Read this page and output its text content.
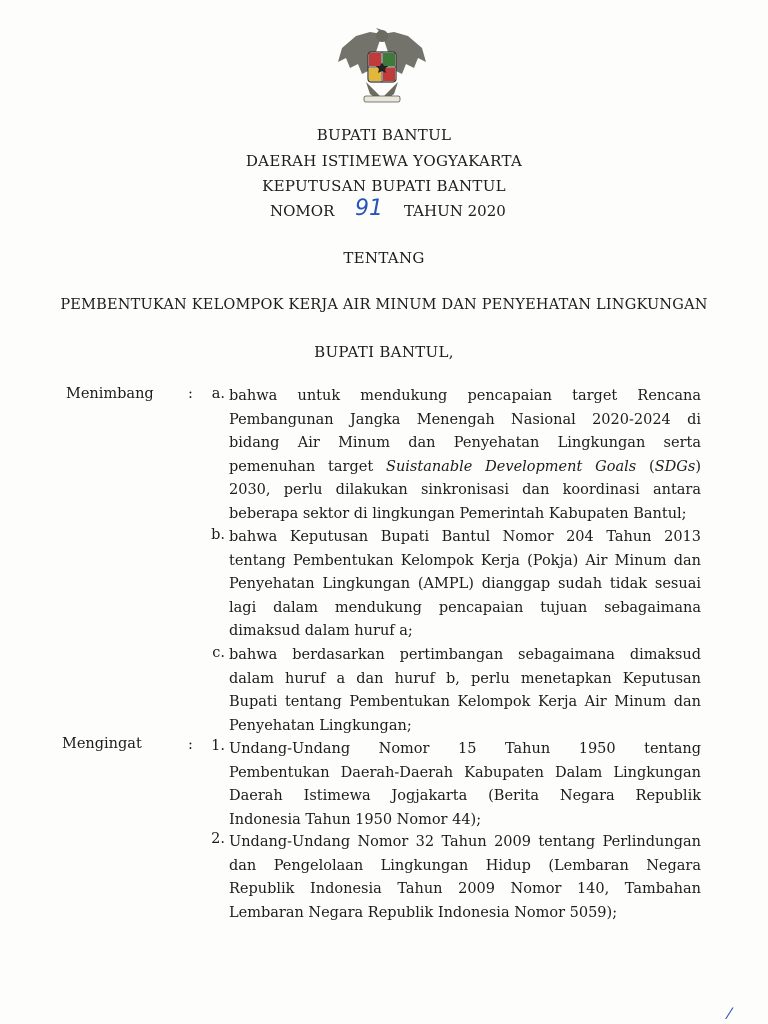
BUPATI BANTUL
DAERAH ISTIMEWA YOGYAKARTA
KEPUTUSAN BUPATI BANTUL
NOMOR 91 TAHUN 2020
TENTANG
PEMBENTUKAN KELOMPOK KERJA AIR MINUM DAN PENYEHATAN LINGKUNGAN
BUPATI BANTUL,
Menimbang :	a. bahwa untuk mendukung pencapaian target Rencana
Pembangunan Jangka Menengah Nasional 2020-2024 di
bidang Air Minum dan Penyehatan Lingkungan serta
pemenuhan target Suistanable Development Goals (SDGs)
2030, perlu dilakukan sinkronisasi dan koordinasi antara
beberapa sektor di lingkungan Pemerintah Kabupaten Bantul;
b. bahwa Keputusan Bupati Bantul Nomor 204 Tahun 2013
tentang Pembentukan Kelompok Kerja (Pokja) Air Minum dan
Penyehatan Lingkungan (AMPL) dianggap sudah tidak sesuai
lagi dalam mendukung pencapaian tujuan sebagaimana
dimaksud dalam huruf a;
c. bahwa berdasarkan pertimbangan sebagaimana dimaksud
dalam huruf a dan huruf b, perlu menetapkan Keputusan
Bupati tentang Pembentukan Kelompok Kerja Air Minum dan
Penyehatan Lingkungan;
Mengingat	:	1. Undang-Undang Nomor 15 Tahun 1950 tentang
Pembentukan Daerah-Daerah Kabupaten Dalam Lingkungan
Daerah Istimewa Jogjakarta (Berita Negara Republik
Indonesia Tahun 1950 Nomor 44);
2. Undang-Undang Nomor 32 Tahun 2009 tentang Perlindungan
dan Pengelolaan Lingkungan Hidup (Lembaran Negara
Republik Indonesia Tahun 2009 Nomor 140, Tambahan
Lembaran Negara Republik Indonesia Nomor 5059);
⁄
